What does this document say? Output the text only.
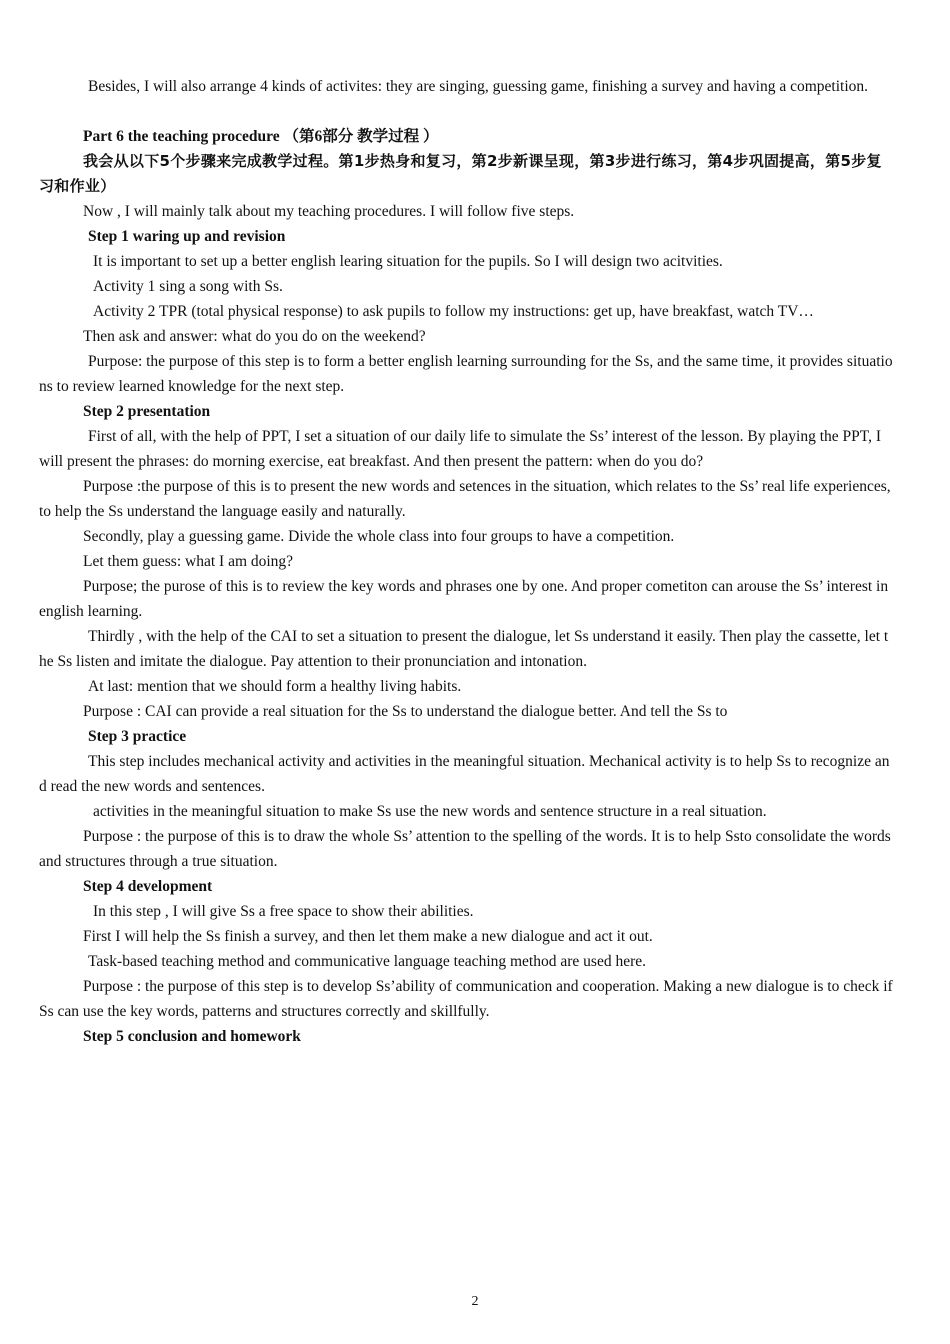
Besides, I will also arrange 4 kinds of activites: they are singing, guessing game, finishing a survey and having a competition.

Part 6 the teaching procedure （第6部分 教学过程 ）

我会从以下5个步骤来完成教学过程。第1步热身和复习，第2步新课呈现，第3步进行练习，第4步巩固提高，第5步复习和作业）

Now , I will mainly talk about my teaching procedures. I will follow five steps.

Step 1 waring up and revision

It is important to set up a better english learing situation for the pupils. So I will design two acitvities.

Activity 1 sing a song with Ss.

Activity 2 TPR (total physical response) to ask pupils to follow my instructions: get up, have breakfast, watch TV…

Then ask and answer: what do you do on the weekend?

Purpose: the purpose of this step is to form a better english learning surrounding for the Ss, and the same time, it provides situations to review learned knowledge for the next step.

Step 2 presentation

First of all, with the help of PPT, I set a situation of our daily life to simulate the Ss’ interest of the lesson. By playing the PPT, I will present the phrases: do morning exercise, eat breakfast. And then present the pattern: when do you do?

Purpose :the purpose of this is to present the new words and setences in the situation, which relates to the Ss’ real life experiences, to help the Ss understand the language easily and naturally.

Secondly, play a guessing game. Divide the whole class into four groups to have a competition.

Let them guess: what I am doing?

Purpose; the purose of this is to review the key words and phrases one by one. And proper cometiton can arouse the Ss’ interest in english learning.

Thirdly , with the help of the CAI to set a situation to present the dialogue, let Ss understand it easily. Then play the cassette, let the Ss listen and imitate the dialogue. Pay attention to their pronunciation and intonation.

At last: mention that we should form a healthy living habits.

Purpose : CAI can provide a real situation for the Ss to understand the dialogue better. And tell the Ss to

Step 3 practice

This step includes mechanical activity and activities in the meaningful situation. Mechanical activity is to help Ss to recognize and read the new words and sentences.

activities in the meaningful situation to make Ss use the new words and sentence structure in a real situation.

Purpose : the purpose of this is to draw the whole Ss’ attention to the spelling of the words. It is to help Ssto consolidate the words and structures through a true situation.

Step 4 development

In this step , I will give Ss a free space to show their abilities.

First I will help the Ss finish a survey, and then let them make a new dialogue and act it out.

Task-based teaching method and communicative language teaching method are used here.

Purpose : the purpose of this step is to develop Ss’ability of communication and cooperation. Making a new dialogue is to check if Ss can use the key words, patterns and structures correctly and skillfully.

Step 5 conclusion and homework

2
